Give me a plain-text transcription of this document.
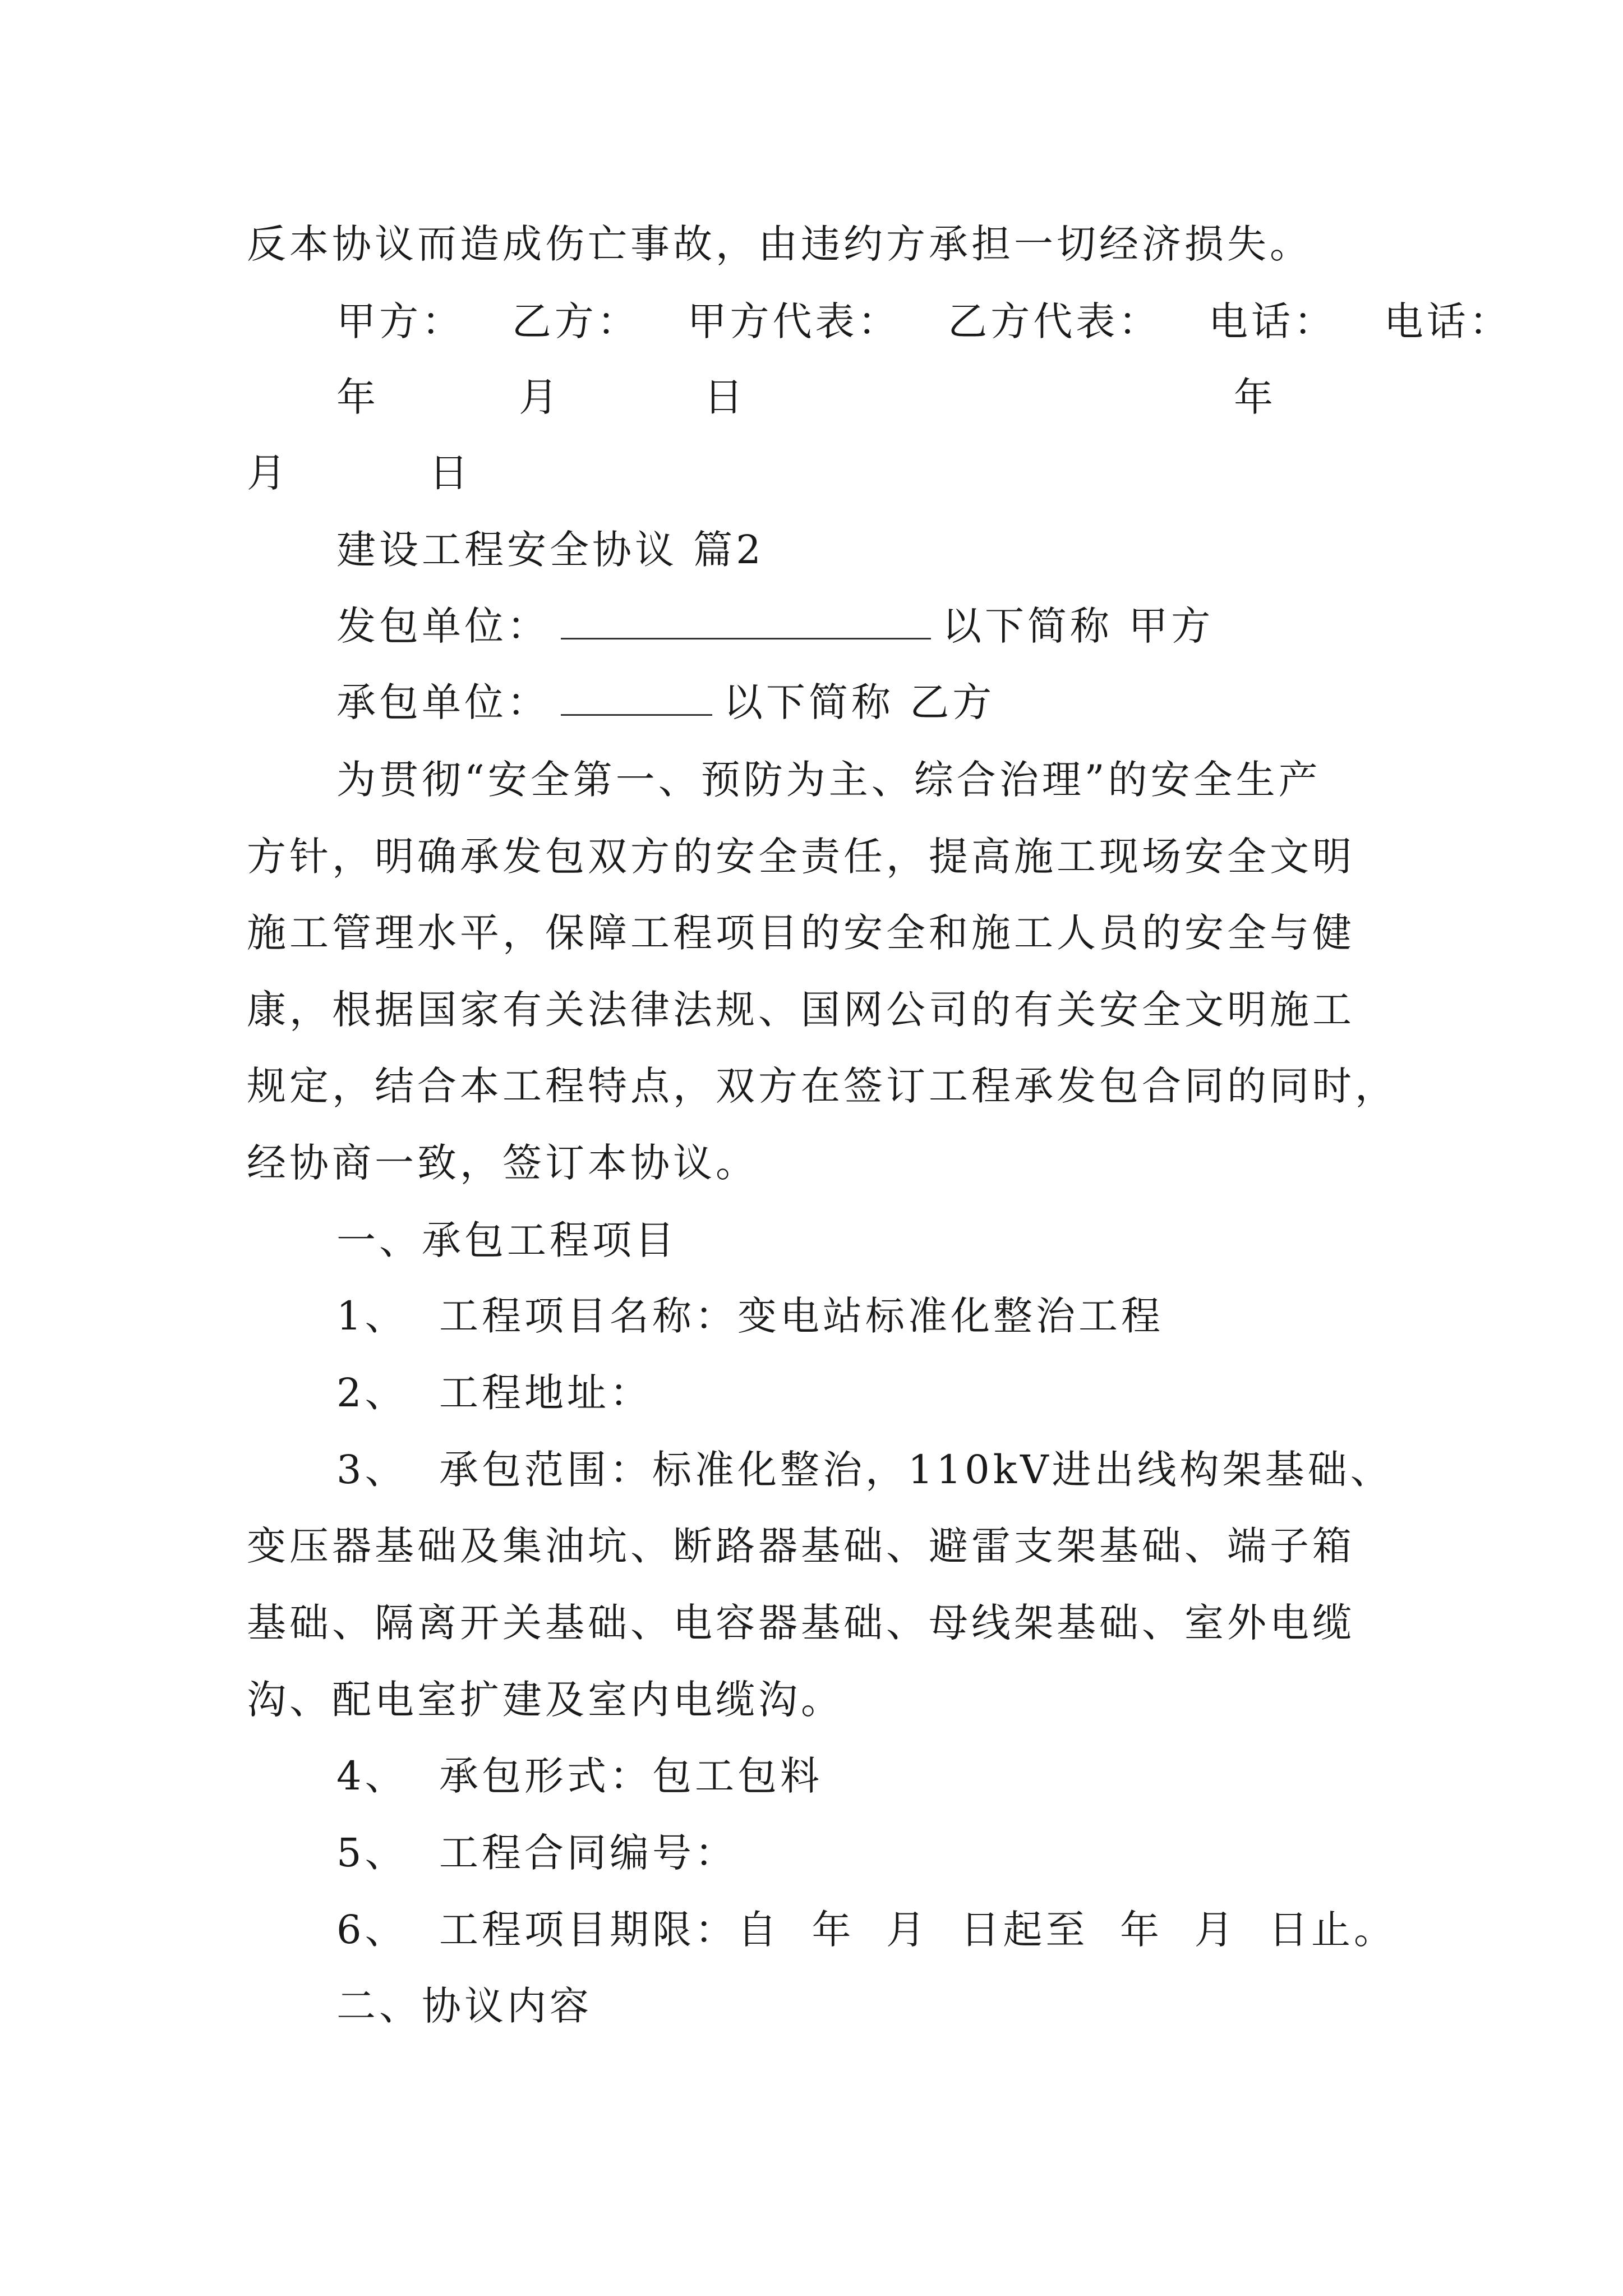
反本协议而造成伤亡事故，由违约方承担一切经济损失。
甲方：   乙方：   甲方代表：   乙方代表：   电话：   电话：
年	月	日	年
月	日
建设工程安全协议 篇2
发包单位：	以下简称 甲方
承包单位：	以下简称 乙方
为贯彻“安全第一、预防为主、综合治理”的安全生产
方针，明确承发包双方的安全责任，提高施工现场安全文明
施工管理水平，保障工程项目的安全和施工人员的安全与健
康，根据国家有关法律法规、国网公司的有关安全文明施工
规定，结合本工程特点，双方在签订工程承发包合同的同时，
经协商一致，签订本协议。
一、承包工程项目
1、  工程项目名称：变电站标准化整治工程
2、  工程地址：
3、  承包范围：标准化整治，110kV进出线构架基础、
变压器基础及集油坑、断路器基础、避雷支架基础、端子箱
基础、隔离开关基础、电容器基础、母线架基础、室外电缆
沟、配电室扩建及室内电缆沟。
4、  承包形式：包工包料
5、  工程合同编号：
6、  工程项目期限：自  年  月  日起至  年  月  日止。
二、协议内容
